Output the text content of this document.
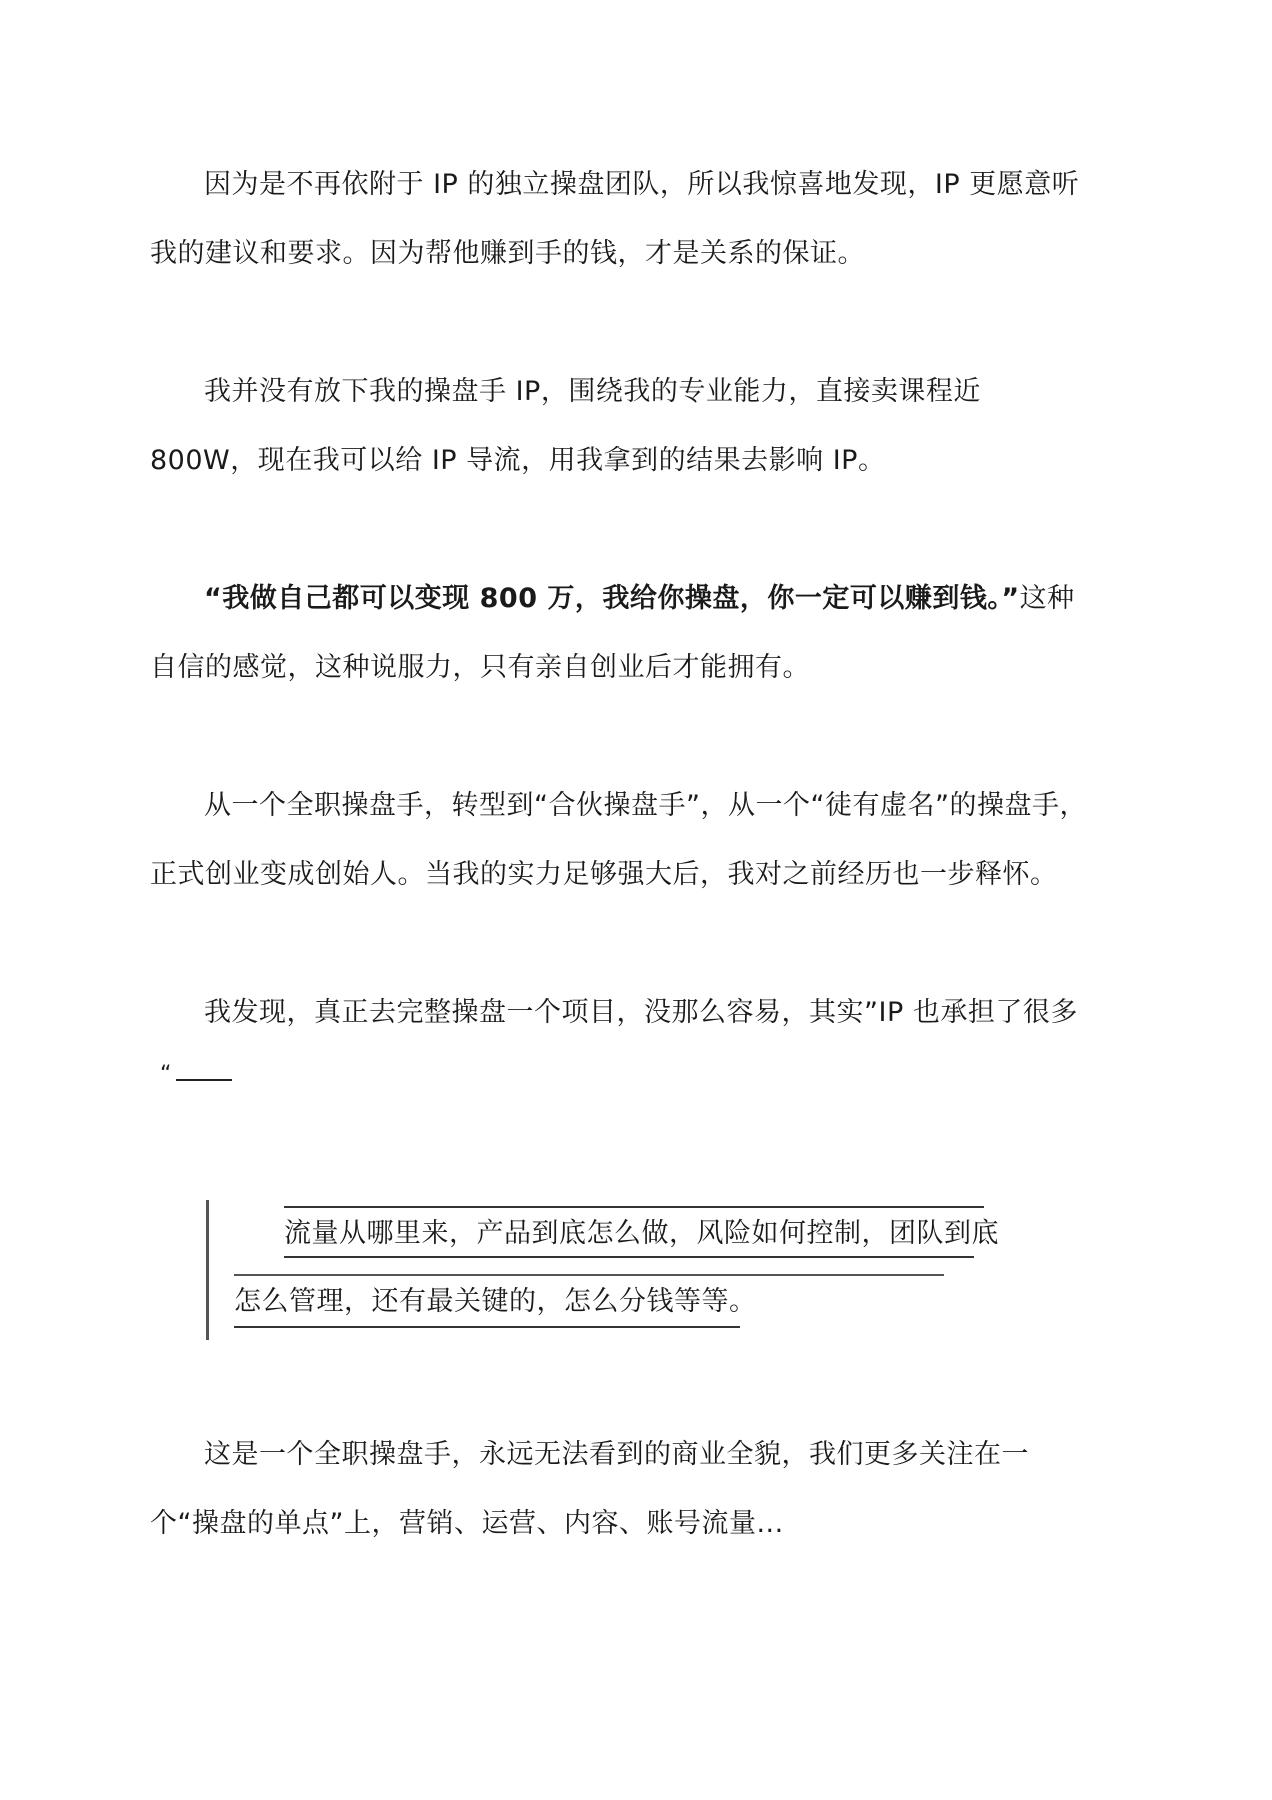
因为是不再依附于 IP 的独立操盘团队，所以我惊喜地发现，IP 更愿意听我的建议和要求。因为帮他赚到手的钱，才是关系的保证。

我并没有放下我的操盘手 IP，围绕我的专业能力，直接卖课程近 800W，现在我可以给 IP 导流，用我拿到的结果去影响 IP。

“我做自己都可以变现 800 万，我给你操盘，你一定可以赚到钱。”这种自信的感觉，这种说服力，只有亲自创业后才能拥有。

从一个全职操盘手，转型到“合伙操盘手”，从一个“徒有虚名”的操盘手，正式创业变成创始人。当我的实力足够强大后，我对之前经历也一步释怀。

我发现，真正去完整操盘一个项目，没那么容易，其实”IP 也承担了很多

“

流量从哪里来，产品到底怎么做，风险如何控制，团队到底

怎么管理，还有最关键的，怎么分钱等等。

这是一个全职操盘手，永远无法看到的商业全貌，我们更多关注在一个“操盘的单点”上，营销、运营、内容、账号流量...
